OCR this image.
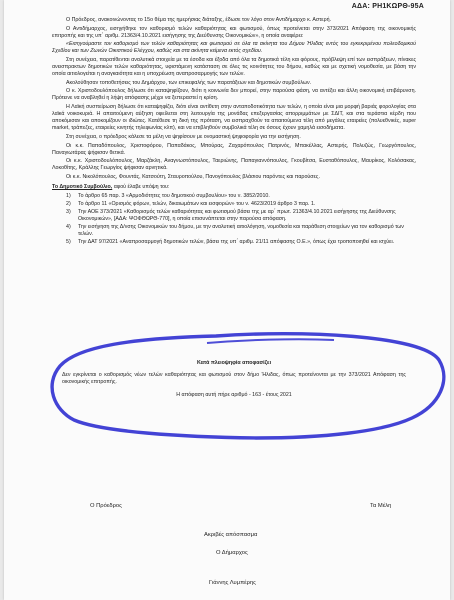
ΑΔΑ: ΡΗ1ΚΩΡΘ-95Α

Ο Πρόεδρος, ανακοινώνοντας το 15ο θέμα της ημερήσιας διάταξης, έδωσε τον λόγο στον Αντιδήμαρχο κ. Αστερή.

Ο Αντιδήμαρχος, εισηγήθηκε τον καθορισμό τελών καθαριότητας και φωτισμού, όπως προτείνεται στην 373/2021 Απόφαση της οικονομικής επιτροπής και της υπ΄ αριθμ. 21363/4.10.2021 εισήγησης της Διεύθυνσης Οικονομικών», η οποία αναφέρει:

«Εισηγούμαστε τον καθορισμό των τελών καθαριότητας και φωτισμού σε όλα τα ακίνητα του Δήμου Ήλιδας εντός του εγκεκριμένου πολεοδομικού Σχεδίου και των Ζωνών Οικιστικού Ελέγχου, καθώς και στα ακίνητα κείμενα εκτός σχεδίου.

Στη συνέχεια, παρατίθενται αναλυτικά στοιχεία με τα έσοδα και έξοδα από όλα τα δημοτικά τέλη και φόρους, πρόβλεψη επί των εισπράξεων, πίνακες ανεισπρακτων δημοτικών τελών καθαριότητας, υφιστάμενη κατάσταση σε όλες τις κοινότητες του δήμου, καθώς και με σχετική νομοθεσία, με βάση την οποία αιτιολογείται η αναγκαιότητα και η υποχρέωση αναπροσαρμογής των τελών.

Ακολούθησαν τοποθετήσεις του Δημάρχου, των επικεφαλής των παρατάξεων και δημοτικών συμβούλων.

Ο κ. Χριστοδουλόπουλος δήλωσε ότι καταψηφίζουν, διότι η κοινωνία δεν μπορεί, στην παρούσα φάση, να αντέξει και άλλη οικονομική επιβάρυνση. Πρότεινε να αναβληθεί η λήψη απόφασης μέχρι να ξεπεραστεί η κρίση.

Η Λαϊκή συσπείρωση δήλωσε ότι καταψηφίζει, διότι είναι αντίθετη στην ανταποδοτικότητα των τελών, η οποία είναι μια μορφή βαριάς φορολογίας στα λαϊκά νοικοκυριά. Η απαιτούμενη αύξηση οφείλεται στη λειτουργία της μονάδας επεξεργασίας απορριμμάτων με ΣΔΙΤ, και στα τεράστια κέρδη που αποκόμισαν και αποκομίζουν οι ιδιώτες. Κατέθεσε τη δική της πρόταση, να εισπραχθούν τα απαιτούμενα τέλη από μεγάλες εταιρείες (πολυεθνικές, super market, τράπεζες, εταιρείες κινητής τηλεφωνίας κλπ), και να επιβληθούν συμβολικά τέλη σε όσους έχουν χαμηλά εισοδήματα.

Στη συνέχεια, ο πρόεδρος κάλεσε τα μέλη να ψηφίσουν με ονομαστική ψηφοφορία για την εισήγηση.

Οι κ.κ. Παπαδόπουλος, Χριστοφόρου, Παπαδάκος, Μπούρας, Ζαχαρόπουλος Πατρινός, Μπακέλλας, Αστερής, Πολυζώς, Γεωργόπουλος, Παναγιωτάρας ψήφισαν θετικά.

Οι κ.κ. Χριστοδουλόπουλος, Μαρζάκλη, Αναγνωστόπουλος, Ταεριώνης, Παπαγιαννόπουλος, Γκουβίτσα, Ευσταθόπουλος, Μαυρίκος, Κολόσακας, Λοκοθίτης, Κράλλης Γεωργίος ψήφισαν αρνητικά.

Οι κ.κ. Νικολόπουλος, Φουντάς, Κατσούτη, Σταυροπούλου, Πανογόπουλος βλάσιου παρόντες και παρούσες.

Το Δημοτικό Συμβούλιο, αφού έλαβε υπόψη του:

1)	Το άρθρο 65 παρ. 3 «Αρμοδιότητες του δημοτικού συμβουλίου» του ν. 3852/2010.
2)	Το άρθρο 11 «Ορισμός φόρων, τελών, δικαιωμάτων και εισφορών» του ν. 4623/2019 άρθρο 3 παρ. 1.
3)	Την ΑΟΕ 373/2021 «Καθορισμός τελών καθαριότητας και φωτισμού βάσει της με αρ΄ πρωτ. 21363/4.10.2021 εισήγησης της Διεύθυνσης Οικονομικών», [ΑΔΑ: ΨΟΦΘΩΡΘ-770], η οποία επισυνάπτεται στην παρούσα απόφαση.
4)	Την εισήγηση της Δ/νσης Οικονομικών του δήμου, με την αναλυτική αιτιολόγηση, νομοθεσία και παράθεση στοιχείων για τον καθορισμό των τελών.
5)	Την ΔΑΤ 97/2021 «Αναπροσαρμογή δημοτικών τελών, βάσει της υπ΄ αριθμ. 21/11 απόφασης Ο.Ε.», όπως έχει τροποποιηθεί και ισχύει.
Κατά πλειοψηφία αποφασίζει
Δεν εγκρίνεται ο καθορισμός νέων τελών καθαριότητας και φωτισμού στον δήμο Ήλιδας, όπως προτείνονται με την 373/2021 Απόφαση της οικονομικής επιτροπής.
Η απόφαση αυτή πήρε αριθμό - 163 - έτους 2021
Ο Πρόεδρος	Τα Μέλη
Ακριβές απόσπασμα
Ο Δήμαρχος
Γιάννης Λυμπέρης
